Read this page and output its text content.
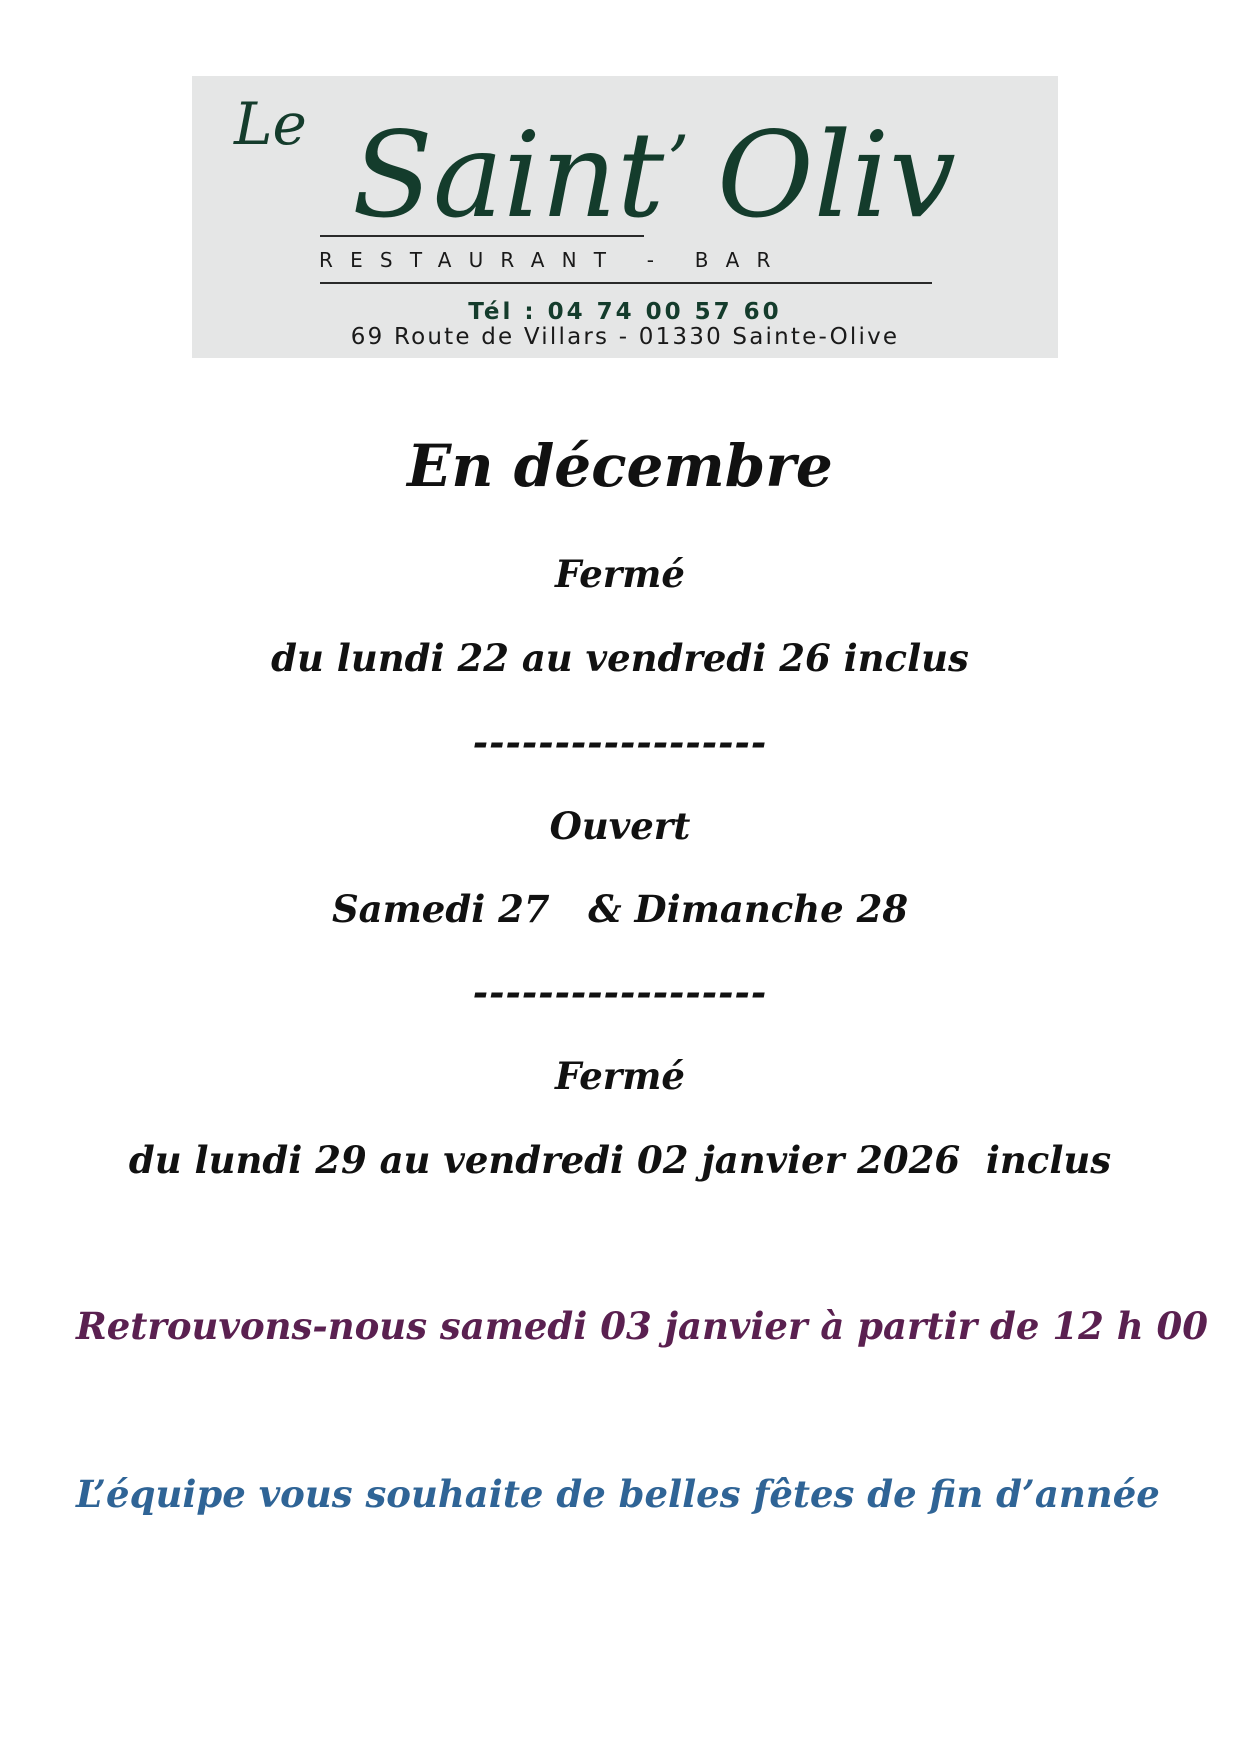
Le Saint ’ Oliv
RESTAURANT - BAR
Tél : 04 74 00 57 60
69 Route de Villars - 01330 Sainte-Olive
En décembre
Fermé
du lundi 22 au vendredi 26 inclus
------------------
Ouvert
Samedi 27   & Dimanche 28
------------------
Fermé
du lundi 29 au vendredi 02 janvier 2026  inclus
Retrouvons-nous samedi 03 janvier à partir de 12 h 00
L’équipe vous souhaite de belles fêtes de fin d’année
